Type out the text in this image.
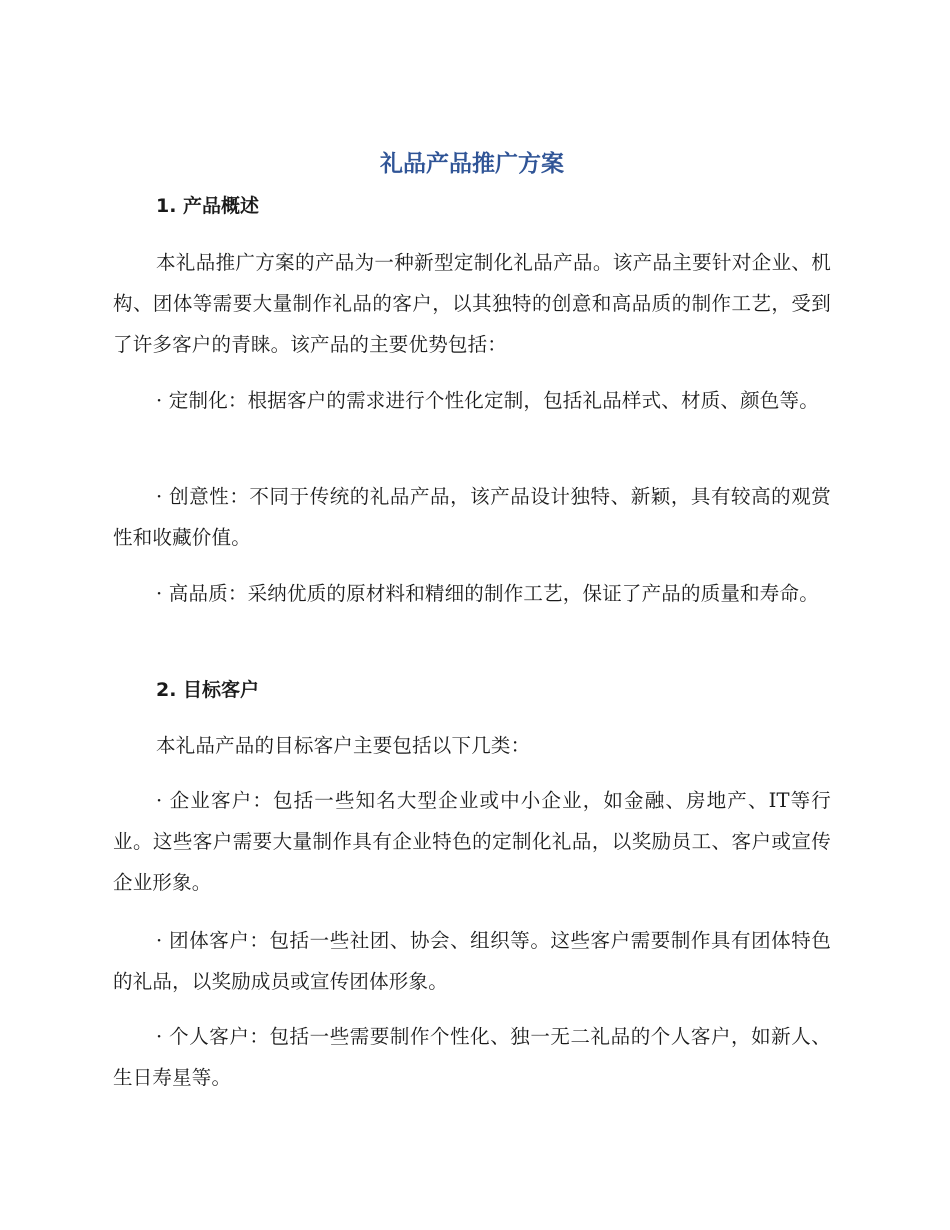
礼品产品推广方案
1. 产品概述

本礼品推广方案的产品为一种新型定制化礼品产品。该产品主要针对企业、机构、团体等需要大量制作礼品的客户，以其独特的创意和高品质的制作工艺，受到了许多客户的青睐。该产品的主要优势包括：

· 定制化：根据客户的需求进行个性化定制，包括礼品样式、材质、颜色等。

· 创意性：不同于传统的礼品产品，该产品设计独特、新颖，具有较高的观赏性和收藏价值。

· 高品质：采纳优质的原材料和精细的制作工艺，保证了产品的质量和寿命。

2. 目标客户

本礼品产品的目标客户主要包括以下几类：

· 企业客户：包括一些知名大型企业或中小企业，如金融、房地产、IT等行业。这些客户需要大量制作具有企业特色的定制化礼品，以奖励员工、客户或宣传企业形象。

· 团体客户：包括一些社团、协会、组织等。这些客户需要制作具有团体特色的礼品，以奖励成员或宣传团体形象。

· 个人客户：包括一些需要制作个性化、独一无二礼品的个人客户，如新人、生日寿星等。
